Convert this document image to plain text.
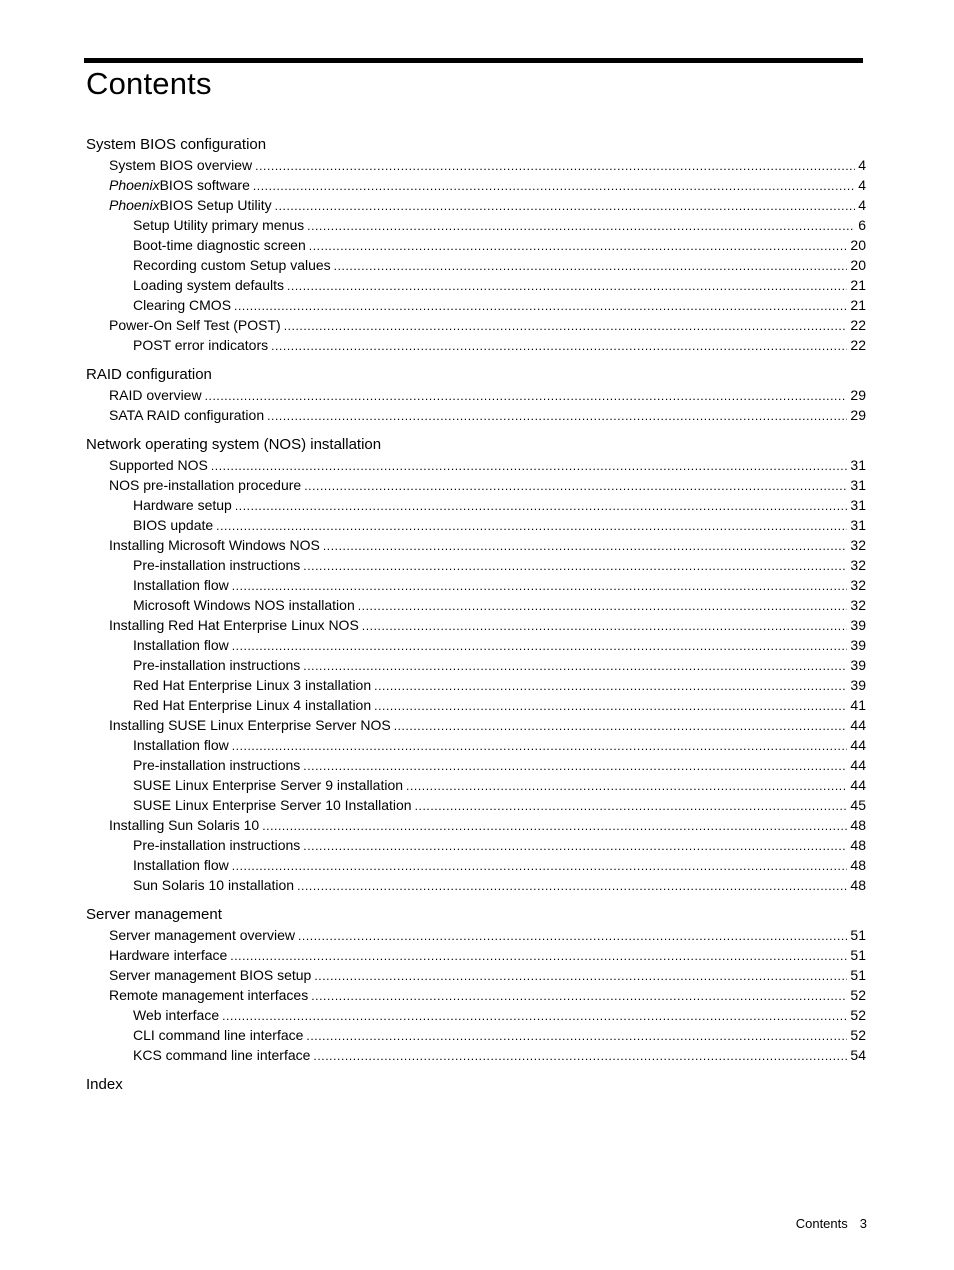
Contents
System BIOS configuration
System BIOS overview .....	4
PhoenixBIOS software .....	4
PhoenixBIOS Setup Utility .....	4
Setup Utility primary menus .....	6
Boot-time diagnostic screen .....	20
Recording custom Setup values .....	20
Loading system defaults .....	21
Clearing CMOS .....	21
Power-On Self Test (POST) .....	22
POST error indicators .....	22
RAID configuration
RAID overview .....	29
SATA RAID configuration .....	29
Network operating system (NOS) installation
Supported NOS .....	31
NOS pre-installation procedure .....	31
Hardware setup .....	31
BIOS update .....	31
Installing Microsoft Windows NOS .....	32
Pre-installation instructions .....	32
Installation flow .....	32
Microsoft Windows NOS installation .....	32
Installing Red Hat Enterprise Linux NOS .....	39
Installation flow .....	39
Pre-installation instructions .....	39
Red Hat Enterprise Linux 3 installation .....	39
Red Hat Enterprise Linux 4 installation .....	41
Installing SUSE Linux Enterprise Server NOS .....	44
Installation flow .....	44
Pre-installation instructions .....	44
SUSE Linux Enterprise Server 9 installation .....	44
SUSE Linux Enterprise Server 10 Installation .....	45
Installing Sun Solaris 10 .....	48
Pre-installation instructions .....	48
Installation flow .....	48
Sun Solaris 10 installation .....	48
Server management
Server management overview .....	51
Hardware interface .....	51
Server management BIOS setup .....	51
Remote management interfaces .....	52
Web interface .....	52
CLI command line interface .....	52
KCS command line interface .....	54
Index
Contents 3
